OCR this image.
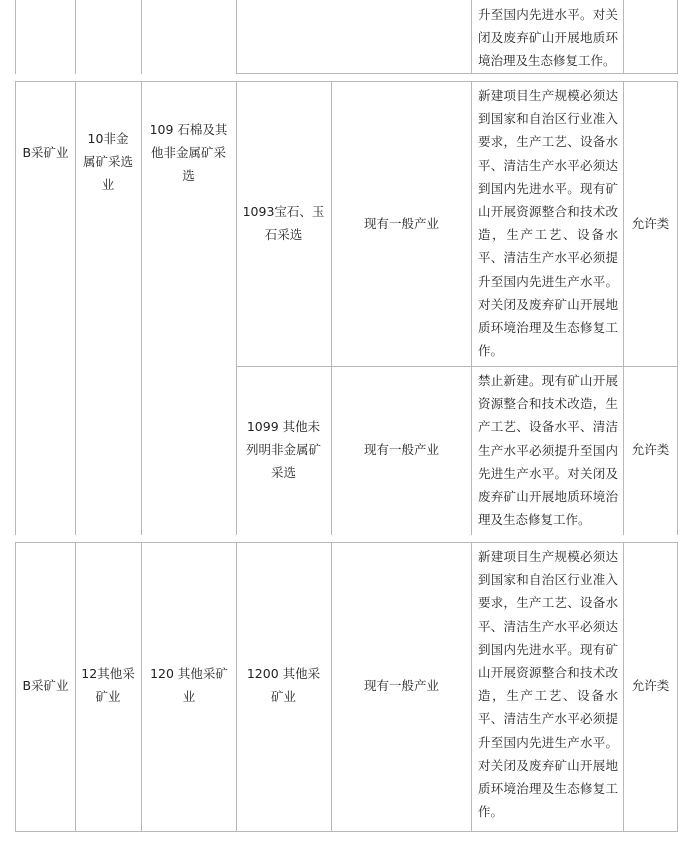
升至国内先进水平。对关闭及废弃矿山开展地质环境治理及生态修复工作。
B采矿业
10非金属矿采选业
109 石棉及其他非金属矿采选
1093宝石、玉石采选
现有一般产业
新建项目生产规模必须达到国家和自治区行业准入要求，生产工艺、设备水平、清洁生产水平必须达到国内先进水平。现有矿山开展资源整合和技术改造，生产工艺、设备水平、清洁生产水平必须提升至国内先进生产水平。对关闭及废弃矿山开展地质环境治理及生态修复工作。
允许类
1099 其他未列明非金属矿采选
现有一般产业
禁止新建。现有矿山开展资源整合和技术改造，生产工艺、设备水平、清洁生产水平必须提升至国内先进生产水平。对关闭及废弃矿山开展地质环境治理及生态修复工作。
允许类
B采矿业
12其他采矿业
120 其他采矿业
1200 其他采矿业
现有一般产业
新建项目生产规模必须达到国家和自治区行业准入要求，生产工艺、设备水平、清洁生产水平必须达到国内先进水平。现有矿山开展资源整合和技术改造，生产工艺、设备水平、清洁生产水平必须提升至国内先进生产水平。对关闭及废弃矿山开展地质环境治理及生态修复工作。
允许类
